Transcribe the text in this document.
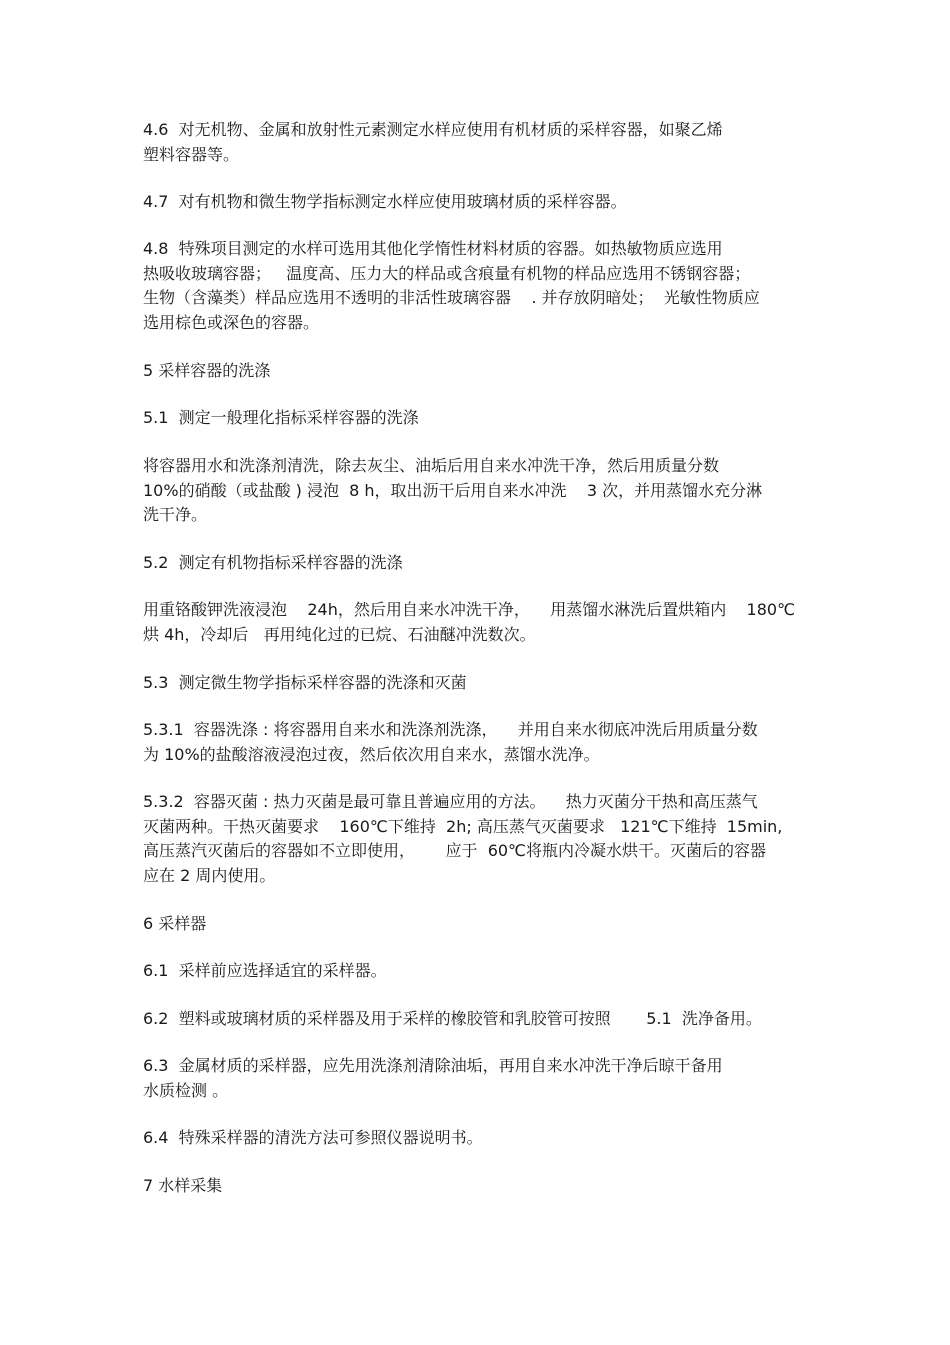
4.6  对无机物、金属和放射性元素测定水样应使用有机材质的采样容器，如聚乙烯
塑料容器等。

4.7  对有机物和微生物学指标测定水样应使用玻璃材质的采样容器。

4.8  特殊项目测定的水样可选用其他化学惰性材料材质的容器。如热敏物质应选用
热吸收玻璃容器；   温度高、压力大的样品或含痕量有机物的样品应选用不锈钢容器；
生物（含藻类）样品应选用不透明的非活性玻璃容器    . 并存放阴暗处；  光敏性物质应
选用棕色或深色的容器。

5 采样容器的洗涤

5.1  测定一般理化指标采样容器的洗涤

将容器用水和洗涤剂清洗，除去灰尘、油垢后用自来水冲洗干净，然后用质量分数
10%的硝酸（或盐酸 ) 浸泡  8 h，取出沥干后用自来水冲洗    3 次，并用蒸馏水充分淋
洗干净。

5.2  测定有机物指标采样容器的洗涤

用重铬酸钾洗液浸泡    24h，然后用自来水冲洗干净，    用蒸馏水淋洗后置烘箱内    180℃
烘 4h，冷却后   再用纯化过的已烷、石油醚冲洗数次。

5.3  测定微生物学指标采样容器的洗涤和灭菌

5.3.1  容器洗涤 : 将容器用自来水和洗涤剂洗涤，    并用自来水彻底冲洗后用质量分数
为 10%的盐酸溶液浸泡过夜，然后依次用自来水，蒸馏水洗净。

5.3.2  容器灭菌 : 热力灭菌是最可靠且普遍应用的方法。    热力灭菌分干热和高压蒸气
灭菌两种。干热灭菌要求    160℃下维持  2h; 高压蒸气灭菌要求   121℃下维持  15min,
高压蒸汽灭菌后的容器如不立即使用，      应于  60℃将瓶内冷凝水烘干。灭菌后的容器
应在 2 周内使用。

6 采样器

6.1  采样前应选择适宜的采样器。

6.2  塑料或玻璃材质的采样器及用于采样的橡胶管和乳胶管可按照       5.1  洗净备用。

6.3  金属材质的采样器，应先用洗涤剂清除油垢，再用自来水冲洗干净后晾干备用
水质检测 。

6.4  特殊采样器的清洗方法可参照仪器说明书。

7 水样采集
